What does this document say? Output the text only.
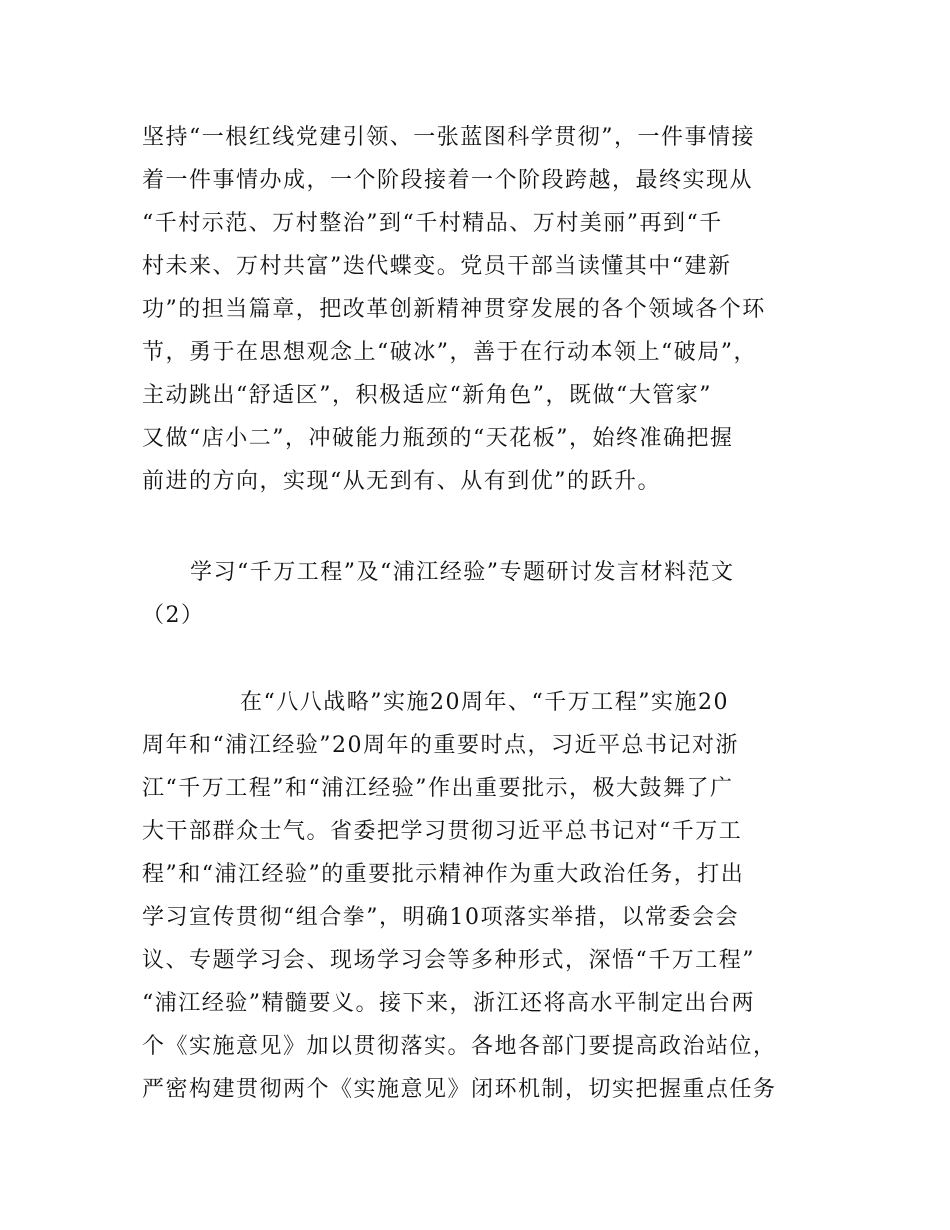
坚持“一根红线党建引领、一张蓝图科学贯彻”，一件事情接
着一件事情办成，一个阶段接着一个阶段跨越，最终实现从
“千村示范、万村整治”到“千村精品、万村美丽”再到“千
村未来、万村共富”迭代蝶变。党员干部当读懂其中“建新
功”的担当篇章，把改革创新精神贯穿发展的各个领域各个环
节，勇于在思想观念上“破冰”，善于在行动本领上“破局”，
主动跳出“舒适区”，积极适应“新角色”，既做“大管家”
又做“店小二”，冲破能力瓶颈的“天花板”，始终准确把握
前进的方向，实现“从无到有、从有到优”的跃升。
学习“千万工程”及“浦江经验”专题研讨发言材料范文
（2）
在“八八战略”实施20周年、“千万工程”实施20
周年和“浦江经验”20周年的重要时点，习近平总书记对浙
江“千万工程”和“浦江经验”作出重要批示，极大鼓舞了广
大干部群众士气。省委把学习贯彻习近平总书记对“千万工
程”和“浦江经验”的重要批示精神作为重大政治任务，打出
学习宣传贯彻“组合拳”，明确10项落实举措，以常委会会
议、专题学习会、现场学习会等多种形式，深悟“千万工程”
“浦江经验”精髓要义。接下来，浙江还将高水平制定出台两
个《实施意见》加以贯彻落实。各地各部门要提高政治站位，
严密构建贯彻两个《实施意见》闭环机制，切实把握重点任务
